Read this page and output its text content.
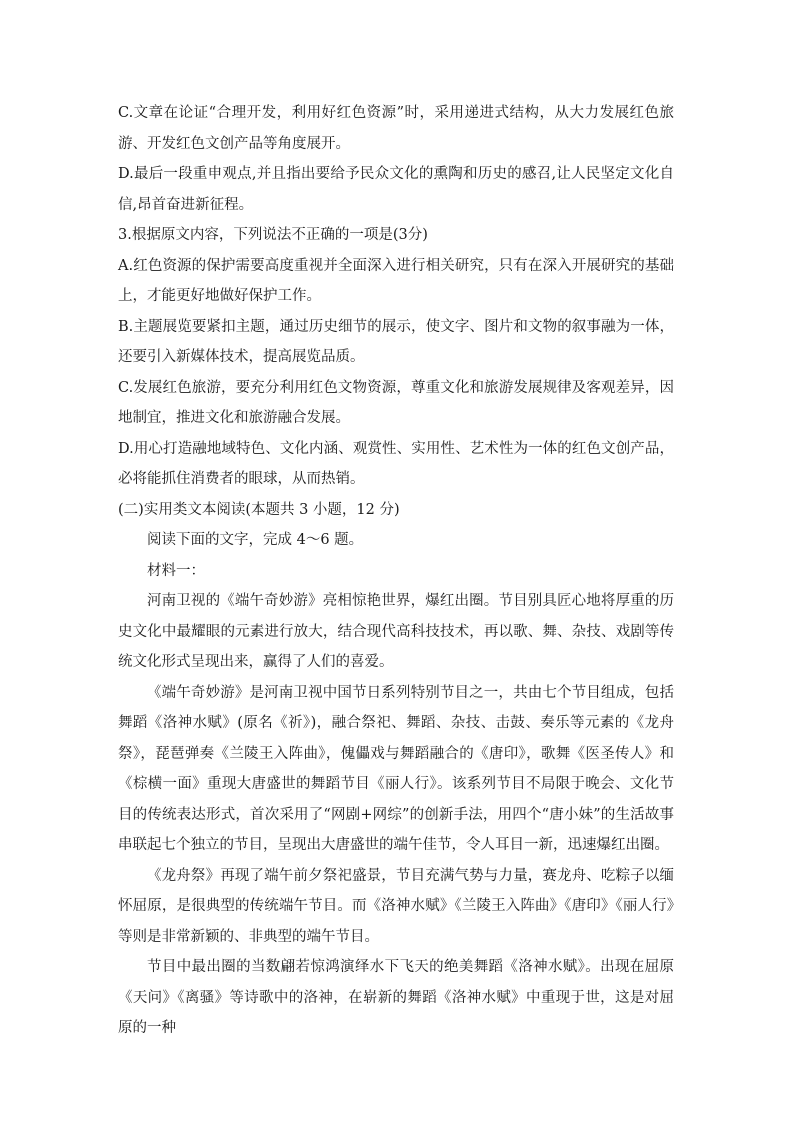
C.文章在论证“合理开发，利用好红色资源”时，采用递进式结构，从大力发展红色旅游、开发红色文创产品等角度展开。

D.最后一段重申观点,并且指出要给予民众文化的熏陶和历史的感召,让人民坚定文化自信,昂首奋进新征程。

3.根据原文内容，下列说法不正确的一项是(3分)

A.红色资源的保护需要高度重视并全面深入进行相关研究，只有在深入开展研究的基础上，才能更好地做好保护工作。

B.主题展览要紧扣主题，通过历史细节的展示，使文字、图片和文物的叙事融为一体，还要引入新媒体技术，提高展览品质。

C.发展红色旅游，要充分利用红色文物资源，尊重文化和旅游发展规律及客观差异，因地制宜，推进文化和旅游融合发展。

D.用心打造融地域特色、文化内涵、观赏性、实用性、艺术性为一体的红色文创产品，必将能抓住消费者的眼球，从而热销。

(二)实用类文本阅读(本题共 3 小题，12 分)

阅读下面的文字，完成 4～6 题。

材料一：

河南卫视的《端午奇妙游》亮相惊艳世界，爆红出圈。节目别具匠心地将厚重的历史文化中最耀眼的元素进行放大，结合现代高科技技术，再以歌、舞、杂技、戏剧等传统文化形式呈现出来，赢得了人们的喜爱。

《端午奇妙游》是河南卫视中国节日系列特别节目之一，共由七个节目组成，包括舞蹈《洛神水赋》(原名《祈》)，融合祭祀、舞蹈、杂技、击鼓、奏乐等元素的《龙舟祭》，琵琶弹奏《兰陵王入阵曲》，傀儡戏与舞蹈融合的《唐印》，歌舞《医圣传人》和《棕横一面》重现大唐盛世的舞蹈节目《丽人行》。该系列节目不局限于晚会、文化节目的传统表达形式，首次采用了“网剧+网综”的创新手法，用四个“唐小妹”的生活故事串联起七个独立的节目，呈现出大唐盛世的端午佳节，令人耳目一新，迅速爆红出圈。

《龙舟祭》再现了端午前夕祭祀盛景，节目充满气势与力量，赛龙舟、吃粽子以缅怀屈原，是很典型的传统端午节目。而《洛神水赋》《兰陵王入阵曲》《唐印》《丽人行》等则是非常新颖的、非典型的端午节目。

节目中最出圈的当数翩若惊鸿演绎水下飞天的绝美舞蹈《洛神水赋》。出现在屈原《天问》《离骚》等诗歌中的洛神，在崭新的舞蹈《洛神水赋》中重现于世，这是对屈原的一种
